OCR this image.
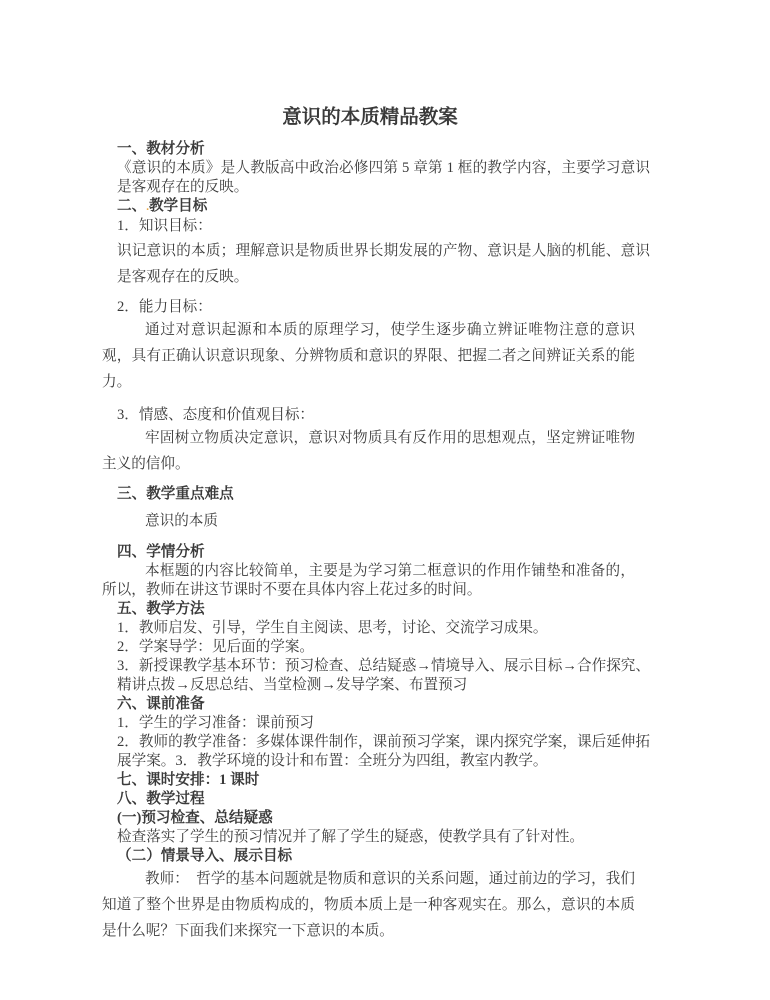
意识的本质精品教案

一、教材分析

《意识的本质》是人教版高中政治必修四第 5 章第 1 框的教学内容，主要学习意识是客观存在的反映。

二、.教学目标

1．知识目标：

识记意识的本质；理解意识是物质世界长期发展的产物、意识是人脑的机能、意识是客观存在的反映。

2．能力目标：

通过对意识起源和本质的原理学习，使学生逐步确立辨证唯物注意的意识观，具有正确认识意识现象、分辨物质和意识的界限、把握二者之间辨证关系的能力。

3．情感、态度和价值观目标：

牢固树立物质决定意识，意识对物质具有反作用的思想观点，坚定辨证唯物主义的信仰。

三、教学重点难点

意识的本质

四、学情分析

本框题的内容比较简单，主要是为学习第二框意识的作用作铺垫和准备的，所以，教师在讲这节课时不要在具体内容上花过多的时间。

五、教学方法

1．教师启发、引导，学生自主阅读、思考，讨论、交流学习成果。

2．学案导学：见后面的学案。

3．新授课教学基本环节：预习检查、总结疑惑→情境导入、展示目标→合作探究、精讲点拨→反思总结、当堂检测→发导学案、布置预习

六、课前准备

1．学生的学习准备：课前预习

2．教师的教学准备：多媒体课件制作，课前预习学案，课内探究学案，课后延伸拓展学案。3．教学环境的设计和布置：全班分为四组，教室内教学。

七、课时安排：1 课时

八、教学过程

(一)预习检查、总结疑惑

检查落实了学生的预习情况并了解了学生的疑惑，使教学具有了针对性。

（二）情景导入、展示目标

教师：　哲学的基本问题就是物质和意识的关系问题，通过前边的学习，我们知道了整个世界是由物质构成的，物质本质上是一种客观实在。那么，意识的本质是什么呢？下面我们来探究一下意识的本质。
